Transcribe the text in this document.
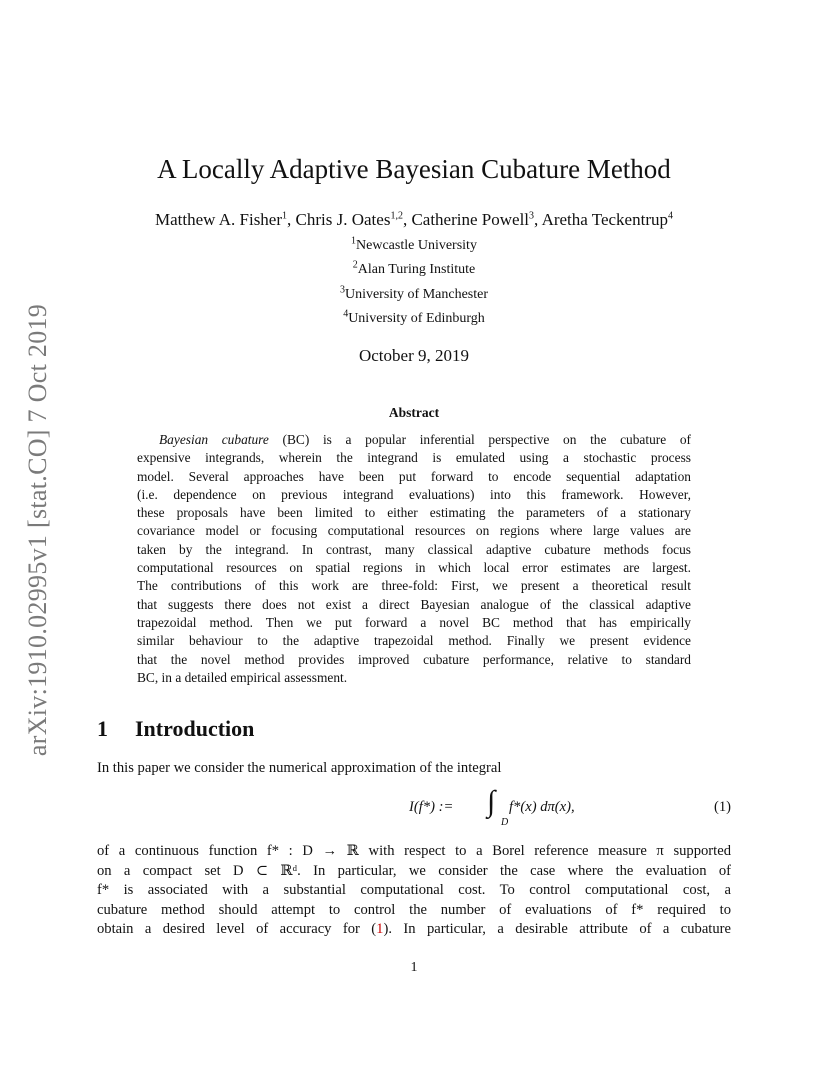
arXiv:1910.02995v1 [stat.CO] 7 Oct 2019
A Locally Adaptive Bayesian Cubature Method
Matthew A. Fisher$^1$, Chris J. Oates$^{1,2}$, Catherine Powell$^3$, Aretha Teckentrup$^4$
$^1$Newcastle University
$^2$Alan Turing Institute
$^3$University of Manchester
$^4$University of Edinburgh
October 9, 2019
Abstract
Bayesian cubature (BC) is a popular inferential perspective on the cubature of
expensive integrands, wherein the integrand is emulated using a stochastic process
model. Several approaches have been put forward to encode sequential adaptation
(i.e. dependence on previous integrand evaluations) into this framework. However,
these proposals have been limited to either estimating the parameters of a stationary
covariance model or focusing computational resources on regions where large values are
taken by the integrand. In contrast, many classical adaptive cubature methods focus
computational resources on spatial regions in which local error estimates are largest.
The contributions of this work are three-fold: First, we present a theoretical result
that suggests there does not exist a direct Bayesian analogue of the classical adaptive
trapezoidal method. Then we put forward a novel BC method that has empirically
similar behaviour to the adaptive trapezoidal method. Finally we present evidence
that the novel method provides improved cubature performance, relative to standard
BC, in a detailed empirical assessment.
1 Introduction
In this paper we consider the numerical approximation of the integral
I(f*) := ∫
D
f*(x) dπ(x),	(1)
of a continuous function f* : D → ℝ with respect to a Borel reference measure π supported
on a compact set D ⊂ ℝᵈ. In particular, we consider the case where the evaluation of
f* is associated with a substantial computational cost. To control computational cost, a
cubature method should attempt to control the number of evaluations of f* required to
obtain a desired level of accuracy for (1). In particular, a desirable attribute of a cubature
1
